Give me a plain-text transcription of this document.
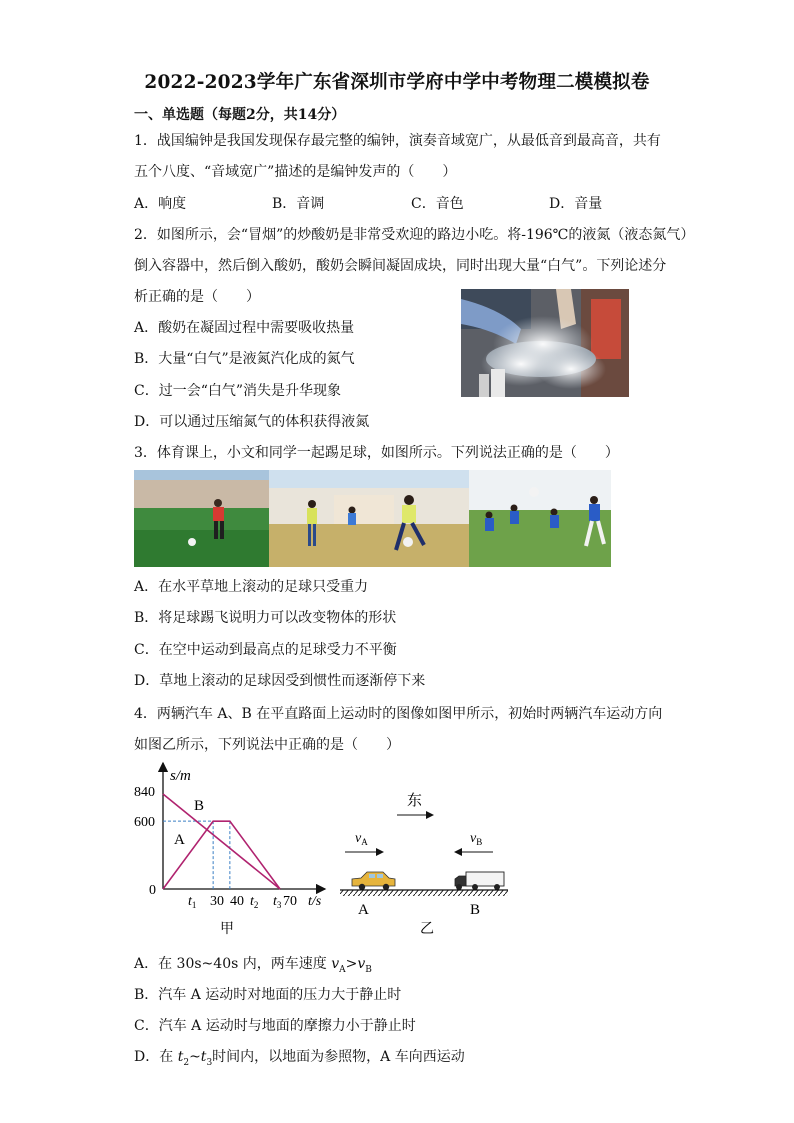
2022-2023学年广东省深圳市学府中学中考物理二模模拟卷
一、单选题（每题2分，共14分）
1．战国编钟是我国发现保存最完整的编钟，演奏音域宽广，从最低音到最高音，共有
五个八度、“音域宽广”描述的是编钟发声的（　　）
A．响度	B．音调	C．音色	D．音量
2．如图所示，会“冒烟”的炒酸奶是非常受欢迎的路边小吃。将-196℃的液氮（液态氮气）
倒入容器中，然后倒入酸奶，酸奶会瞬间凝固成块，同时出现大量“白气”。下列论述分
析正确的是（　　）
A．酸奶在凝固过程中需要吸收热量
B．大量“白气”是液氮汽化成的氮气
C．过一会“白气”消失是升华现象
D．可以通过压缩氮气的体积获得液氮
3．体育课上，小文和同学一起踢足球，如图所示。下列说法正确的是（　　）
A．在水平草地上滚动的足球只受重力
B．将足球踢飞说明力可以改变物体的形状
C．在空中运动到最高点的足球受力不平衡
D．草地上滚动的足球因受到惯性而逐渐停下来
4．两辆汽车 A、B 在平直路面上运动时的图像如图甲所示，初始时两辆汽车运动方向
如图乙所示，下列说法中正确的是（　　）
s/m
840
600
0
B
A
$t_1$ 30 40 $t_2$ $t_3$ 70 t/s
甲
东
$v_A$	$v_B$
A	B
乙
A．在 30s~40s 内，两车速度 $v_A>v_B$
B．汽车 A 运动时对地面的压力大于静止时
C．汽车 A 运动时与地面的摩擦力小于静止时
D．在 $t_2\sim t_3$时间内，以地面为参照物，A 车向西运动
